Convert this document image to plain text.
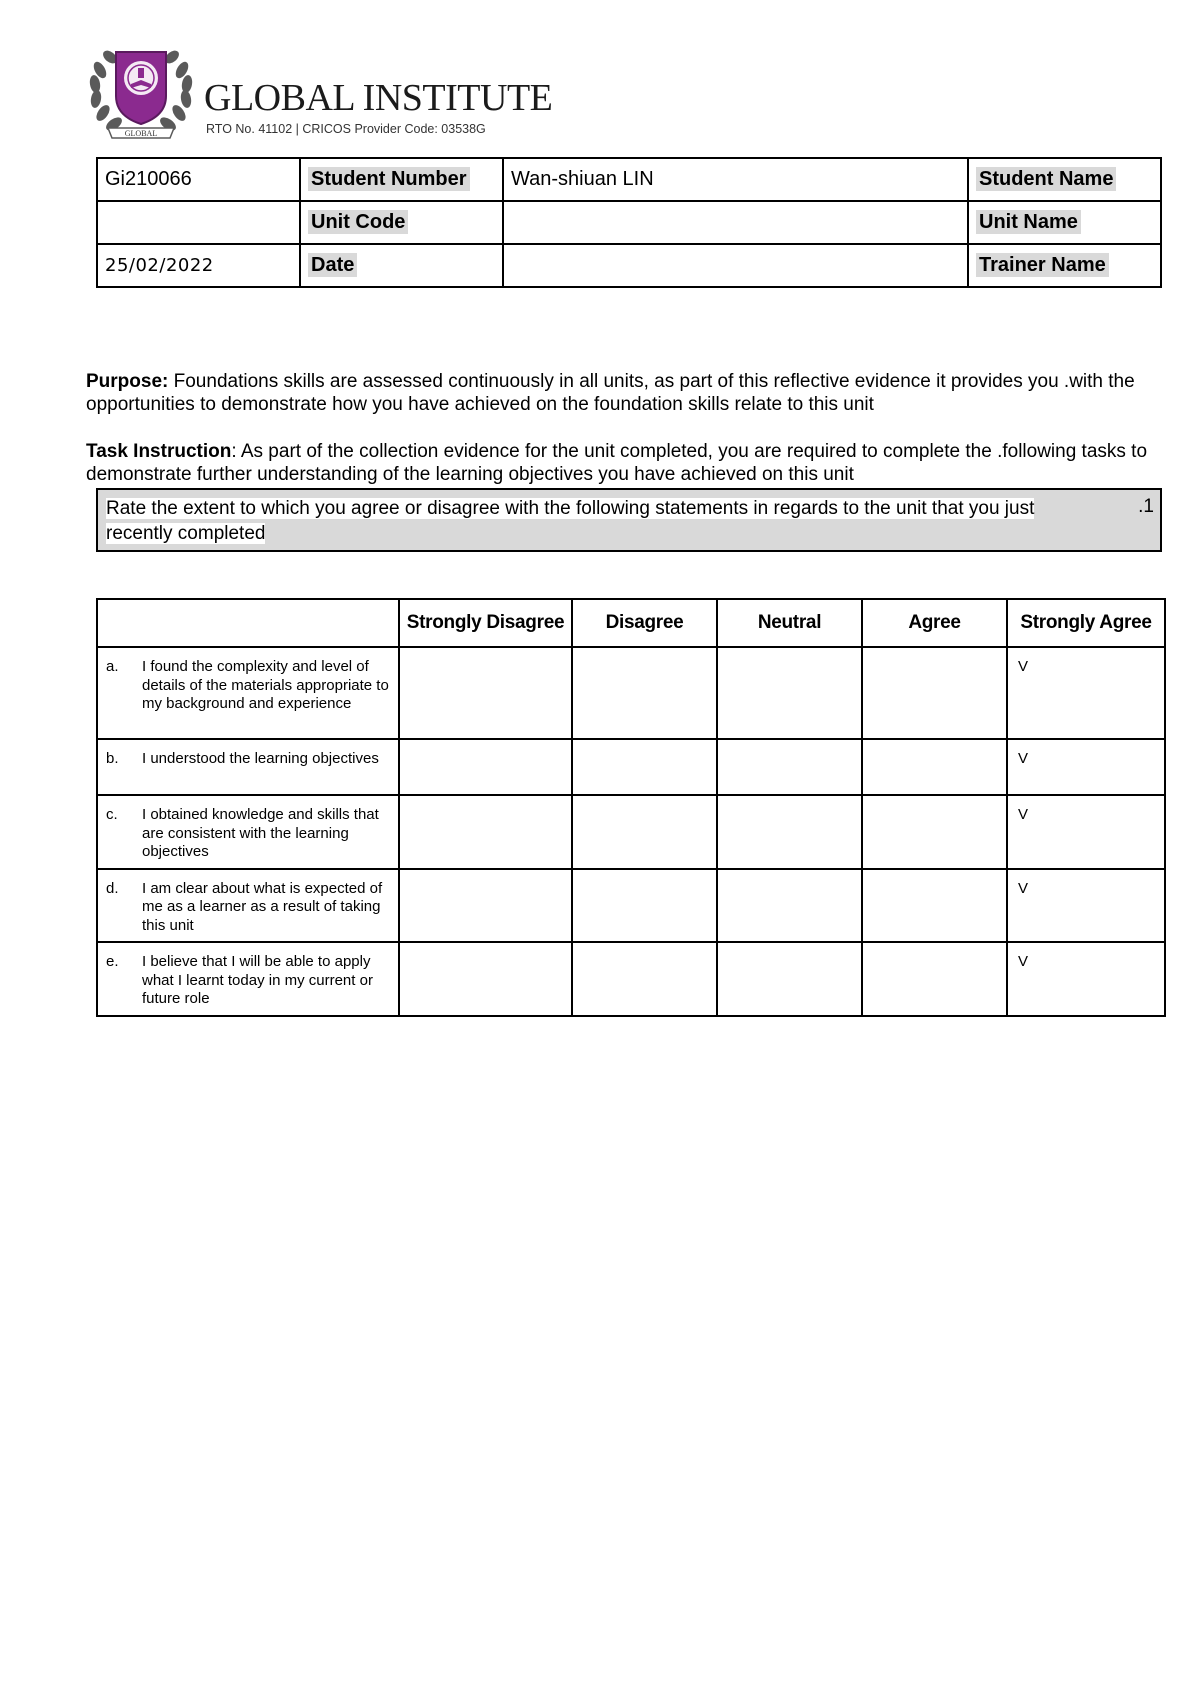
GLOBAL
GLOBAL INSTITUTE
RTO No. 41102 | CRICOS Provider Code: 03538G
Gi210066	Student Number	Wan-shiuan LIN	Student Name
	Unit Code		Unit Name
25/02/2022	Date		Trainer Name
Purpose: Foundations skills are assessed continuously in all units, as part of this reflective evidence it provides you .with the opportunities to demonstrate how you have achieved on the foundation skills relate to this unit
Task Instruction: As part of the collection evidence for the unit completed, you are required to complete the .following tasks to demonstrate further understanding of the learning objectives you have achieved on this unit
Rate the extent to which you agree or disagree with the following statements in regards to the unit that you just recently completed
.1
	Strongly Disagree	Disagree	Neutral	Agree	Strongly Agree

a. I found the complexity and level of details of the materials appropriate to my background and experience					V

b. I understood the learning objectives					V

c. I obtained knowledge and skills that are consistent with the learning objectives					V

d. I am clear about what is expected of me as a learner as a result of taking this unit					V

e. I believe that I will be able to apply what I learnt today in my current or future role					V
